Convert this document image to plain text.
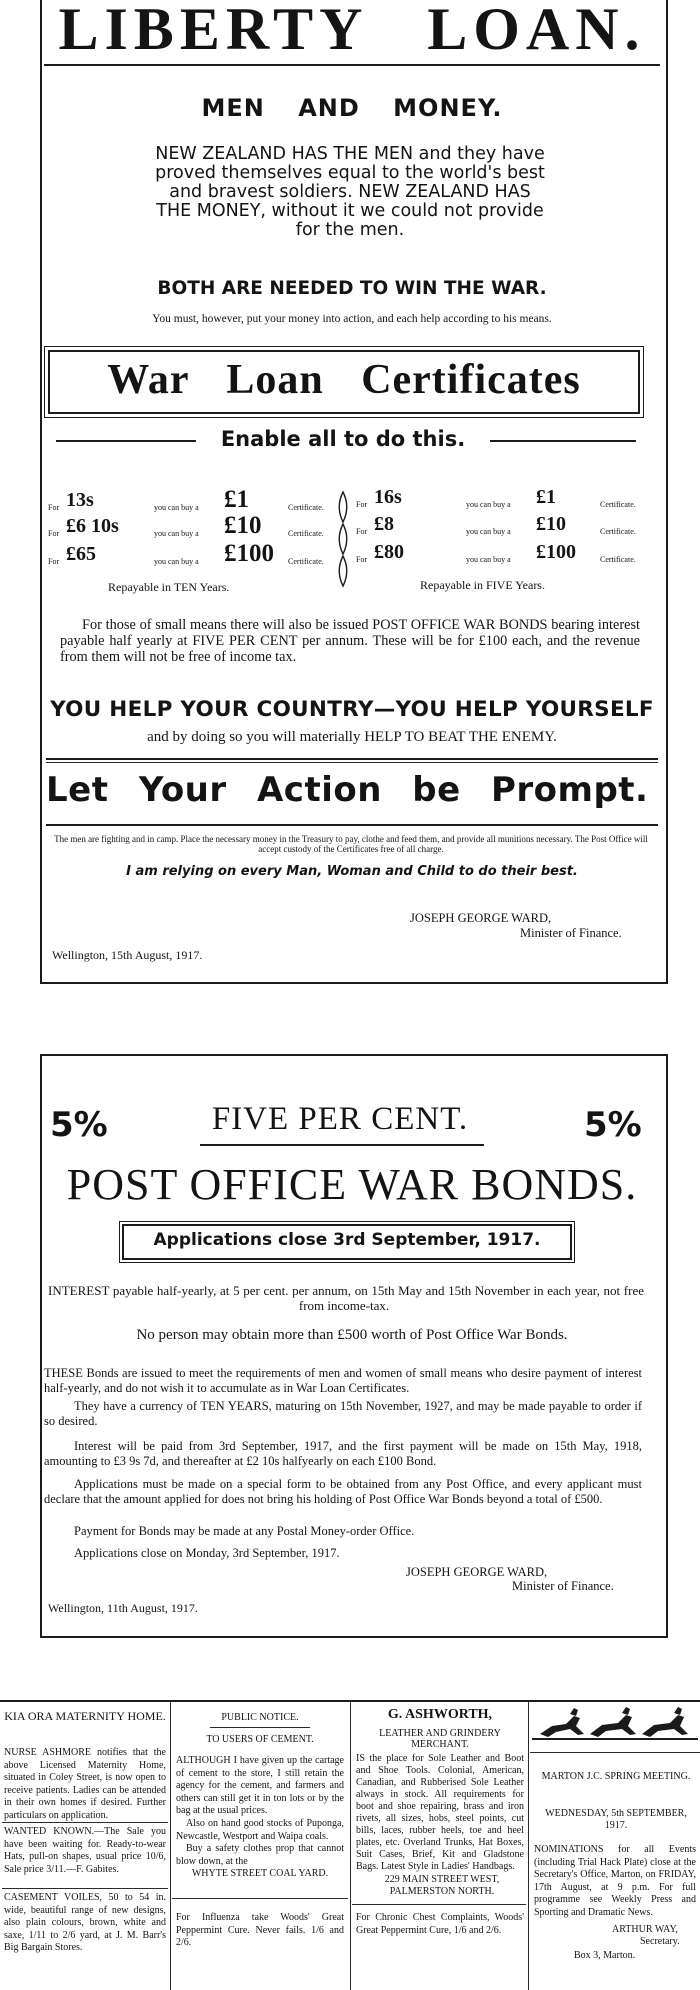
LIBERTY LOAN.
MEN AND MONEY.
NEW ZEALAND HAS THE MEN and they have proved themselves equal to the world's best and bravest soldiers. NEW ZEALAND HAS THE MONEY, without it we could not provide for the men.
BOTH ARE NEEDED TO WIN THE WAR.
You must, however, put your money into action, and each help according to his means.
War Loan Certificates
Enable all to do this.
For 13s	you can buy a £1	Certificate.
For £6 10s	you can buy a £10	Certificate.
For £65	you can buy a £100 Certificate.
For 16s	you can buy a £1	Certificate.
For £8	you can buy a £10	Certificate.
For £80	you can buy a £100	Certificate.
Repayable in TEN Years.	Repayable in FIVE Years.
For those of small means there will also be issued POST OFFICE WAR BONDS bearing interest payable half yearly at FIVE PER CENT per annum. These will be for £100 each, and the revenue from them will not be free of income tax.
YOU HELP YOUR COUNTRY—YOU HELP YOURSELF
and by doing so you will materially HELP TO BEAT THE ENEMY.
Let Your Action be Prompt.
The men are fighting and in camp. Place the necessary money in the Treasury to pay, clothe and feed them, and provide all munitions necessary. The Post Office will accept custody of the Certificates free of all charge.
I am relying on every Man, Woman and Child to do their best.
JOSEPH GEORGE WARD,
Minister of Finance.
Wellington, 15th August, 1917.
5%	5%
FIVE PER CENT.
POST OFFICE WAR BONDS.
Applications close 3rd September, 1917.
INTEREST payable half-yearly, at 5 per cent. per annum, on 15th May and 15th November in each year, not free from income-tax.
No person may obtain more than £500 worth of Post Office War Bonds.
THESE Bonds are issued to meet the requirements of men and women of small means who desire payment of interest half-yearly, and do not wish it to accumulate as in War Loan Certificates.
They have a currency of TEN YEARS, maturing on 15th November, 1927, and may be made payable to order if so desired.
Interest will be paid from 3rd September, 1917, and the first payment will be made on 15th May, 1918, amounting to £3 9s 7d, and thereafter at £2 10s halfyearly on each £100 Bond.
Applications must be made on a special form to be obtained from any Post Office, and every applicant must declare that the amount applied for does not bring his holding of Post Office War Bonds beyond a total of £500.
Payment for Bonds may be made at any Postal Money-order Office.
Applications close on Monday, 3rd September, 1917.
JOSEPH GEORGE WARD,
Minister of Finance.
Wellington, 11th August, 1917.
KIA ORA MATERNITY HOME.
NURSE ASHMORE notifies that the above Licensed Maternity Home, situated in Coley Street, is now open to receive patients. Ladies can be attended in their own homes if desired. Further particulars on application.
WANTED KNOWN.—The Sale you have been waiting for. Ready-to-wear Hats, pull-on shapes, usual price 10/6, Sale price 3/11.—F. Gabites.
CASEMENT VOILES, 50 to 54 in. wide, beautiful range of new designs, also plain colours, brown, white and saxe, 1/11 to 2/6 yard, at J. M. Barr's Big Bargain Stores.
PUBLIC NOTICE.
TO USERS OF CEMENT.
ALTHOUGH I have given up the cartage of cement to the store, I still retain the agency for the cement, and farmers and others can still get it in ton lots or by the bag at the usual prices.
Also on hand good stocks of Puponga, Newcastle, Westport and Waipa coals.
Buy a safety clothes prop that cannot blow down, at the
WHYTE STREET COAL YARD.
For Influenza take Woods' Great Peppermint Cure. Never fails. 1/6 and 2/6.
G. ASHWORTH,
LEATHER AND GRINDERY MERCHANT.
IS the place for Sole Leather and Boot and Shoe Tools. Colonial, American, Canadian, and Rubberised Sole Leather always in stock. All requirements for boot and shoe repairing, brass and iron rivets, all sizes, hobs, steel points, cut bills, laces, rubber heels, toe and heel plates, etc. Overland Trunks, Hat Boxes, Suit Cases, Brief, Kit and Gladstone Bags. Latest Style in Ladies' Handbags.
229 MAIN STREET WEST, PALMERSTON NORTH.
For Chronic Chest Complaints, Woods' Great Peppermint Cure, 1/6 and 2/6.
MARTON J.C. SPRING MEETING.
WEDNESDAY, 5th SEPTEMBER, 1917.
NOMINATIONS for all Events (including Trial Hack Plate) close at the Secretary's Office, Marton, on FRIDAY, 17th August, at 9 p.m. For full programme see Weekly Press and Sporting and Dramatic News.
ARTHUR WAY,
Secretary.
Box 3, Marton.
